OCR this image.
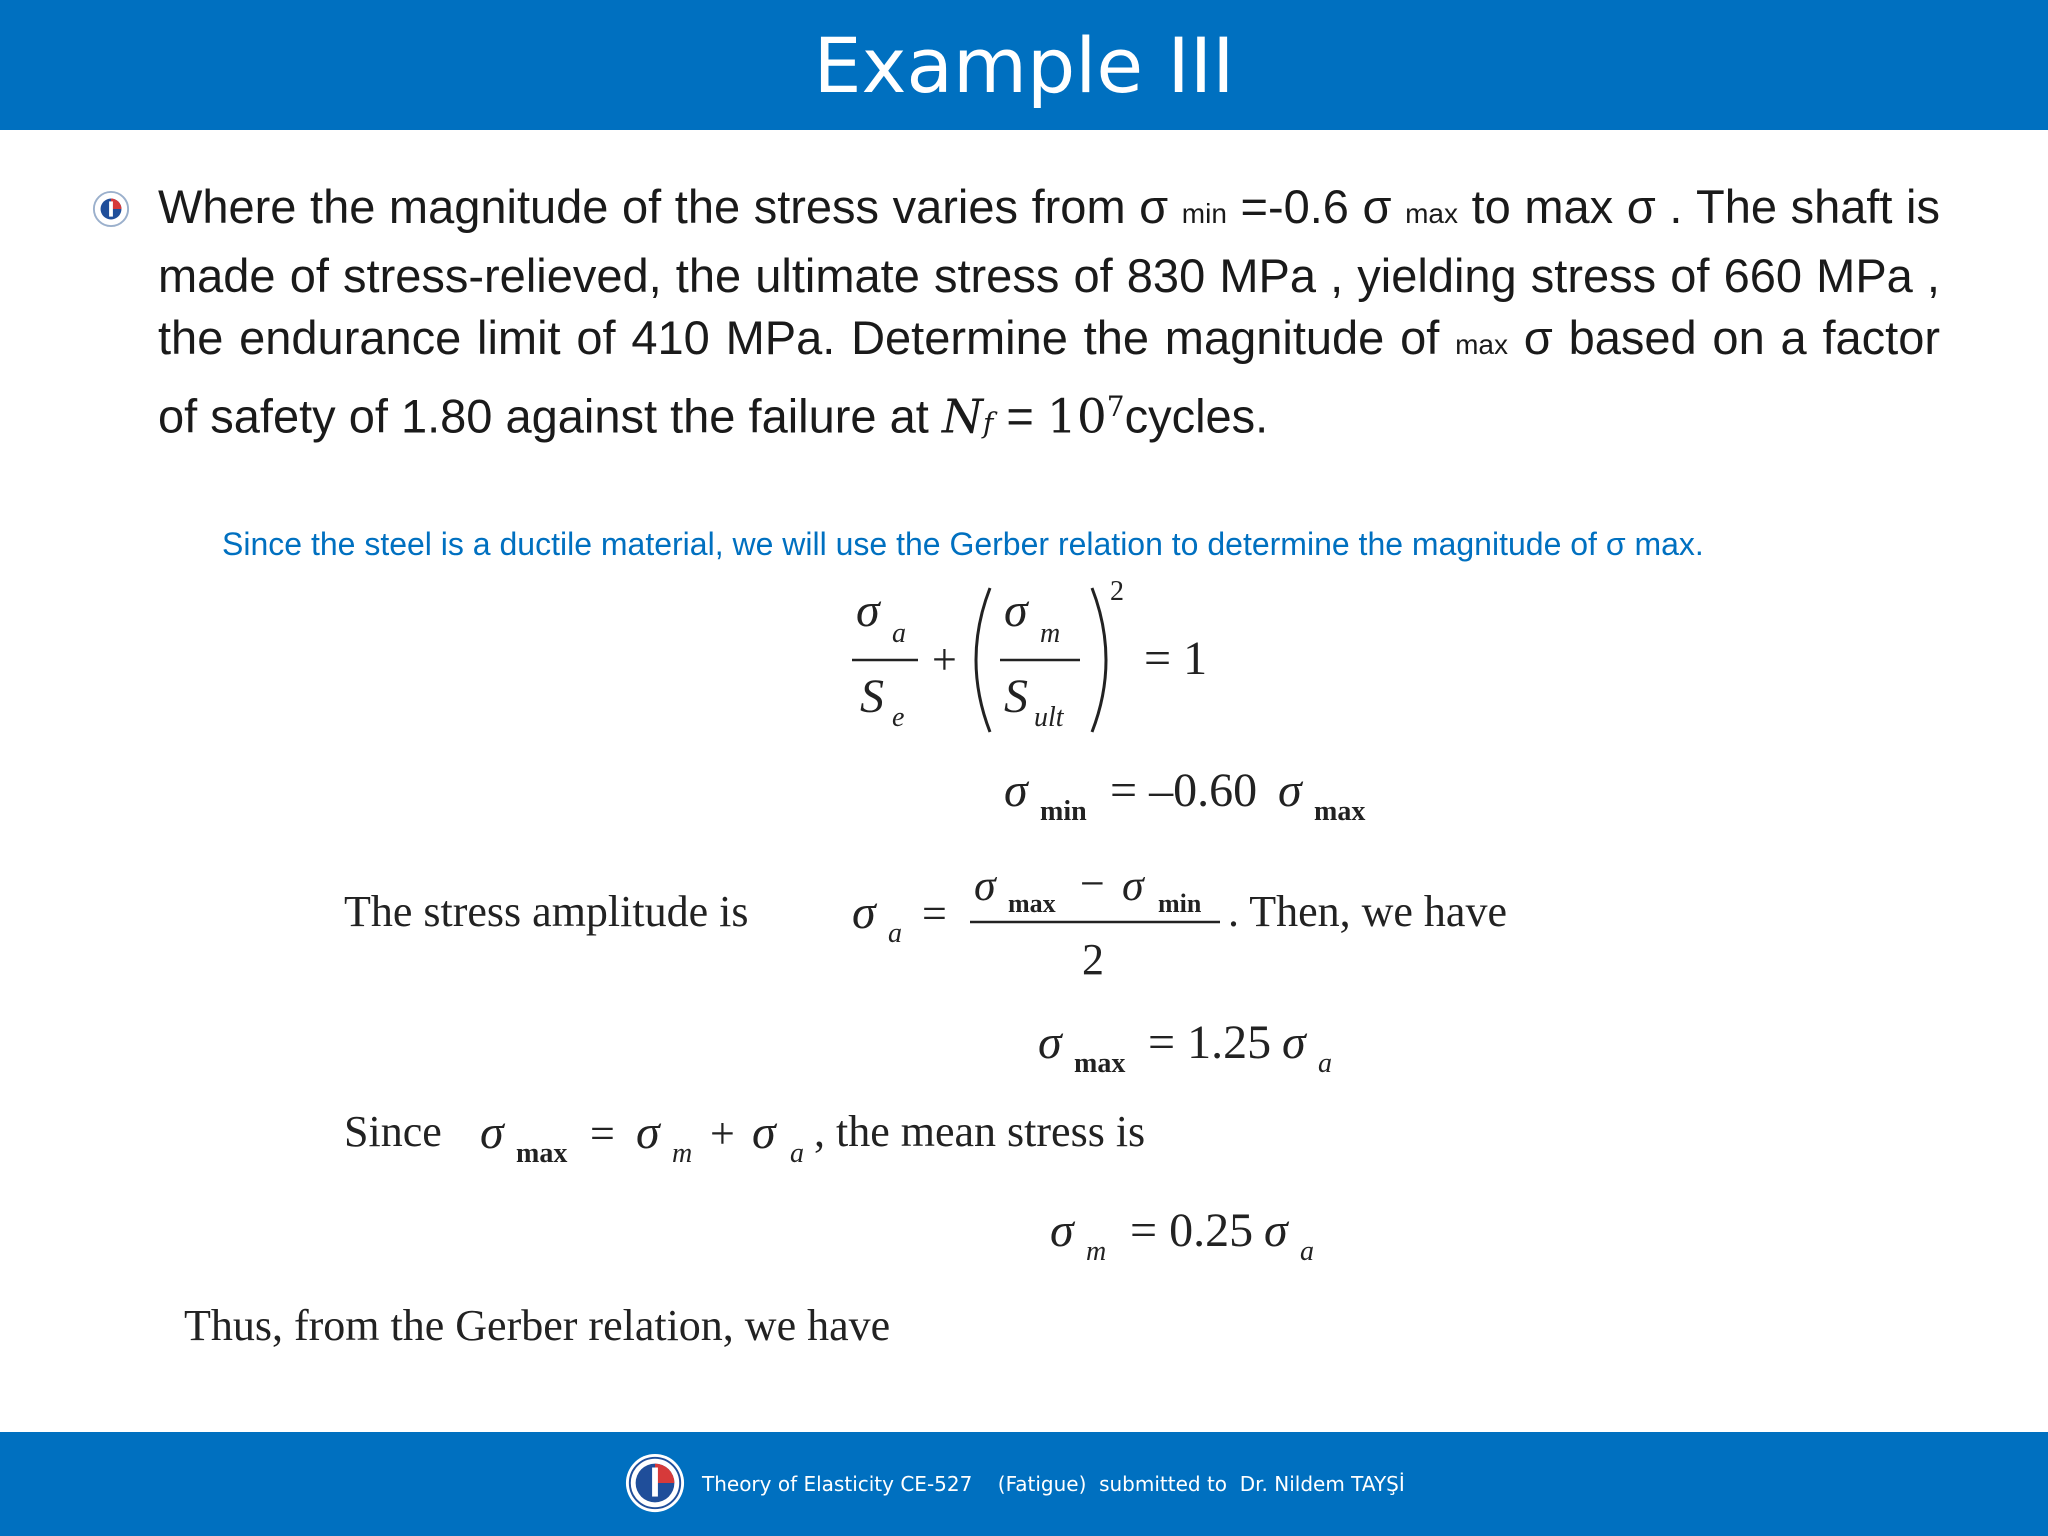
Example III
Where the magnitude of the stress varies from σ min =-0.6 σ max to max σ . The shaft is made of stress-relieved, the ultimate stress of 830 MPa , yielding stress of 660 MPa , the endurance limit of 410 MPa. Determine the magnitude of max σ based on a factor of safety of 1.80 against the failure at $Nf = 10^7cycles$.
Since the steel is a ductile material, we will use the Gerber relation to determine the magnitude of σ max.
σ a
S e
+
σ m
S ult
2
= 1
σ min = –0.60 σ max
The stress amplitude is σ a =
σ max − σ min
2
. Then, we have
σ max = 1.25 σ a
Since σ max = σ m + σ a , the mean stress is
σ m = 0.25 σ a
Thus, from the Gerber relation, we have
Theory of Elasticity CE-527    (Fatigue)  submitted to  Dr. Nildem TAYŞİ
